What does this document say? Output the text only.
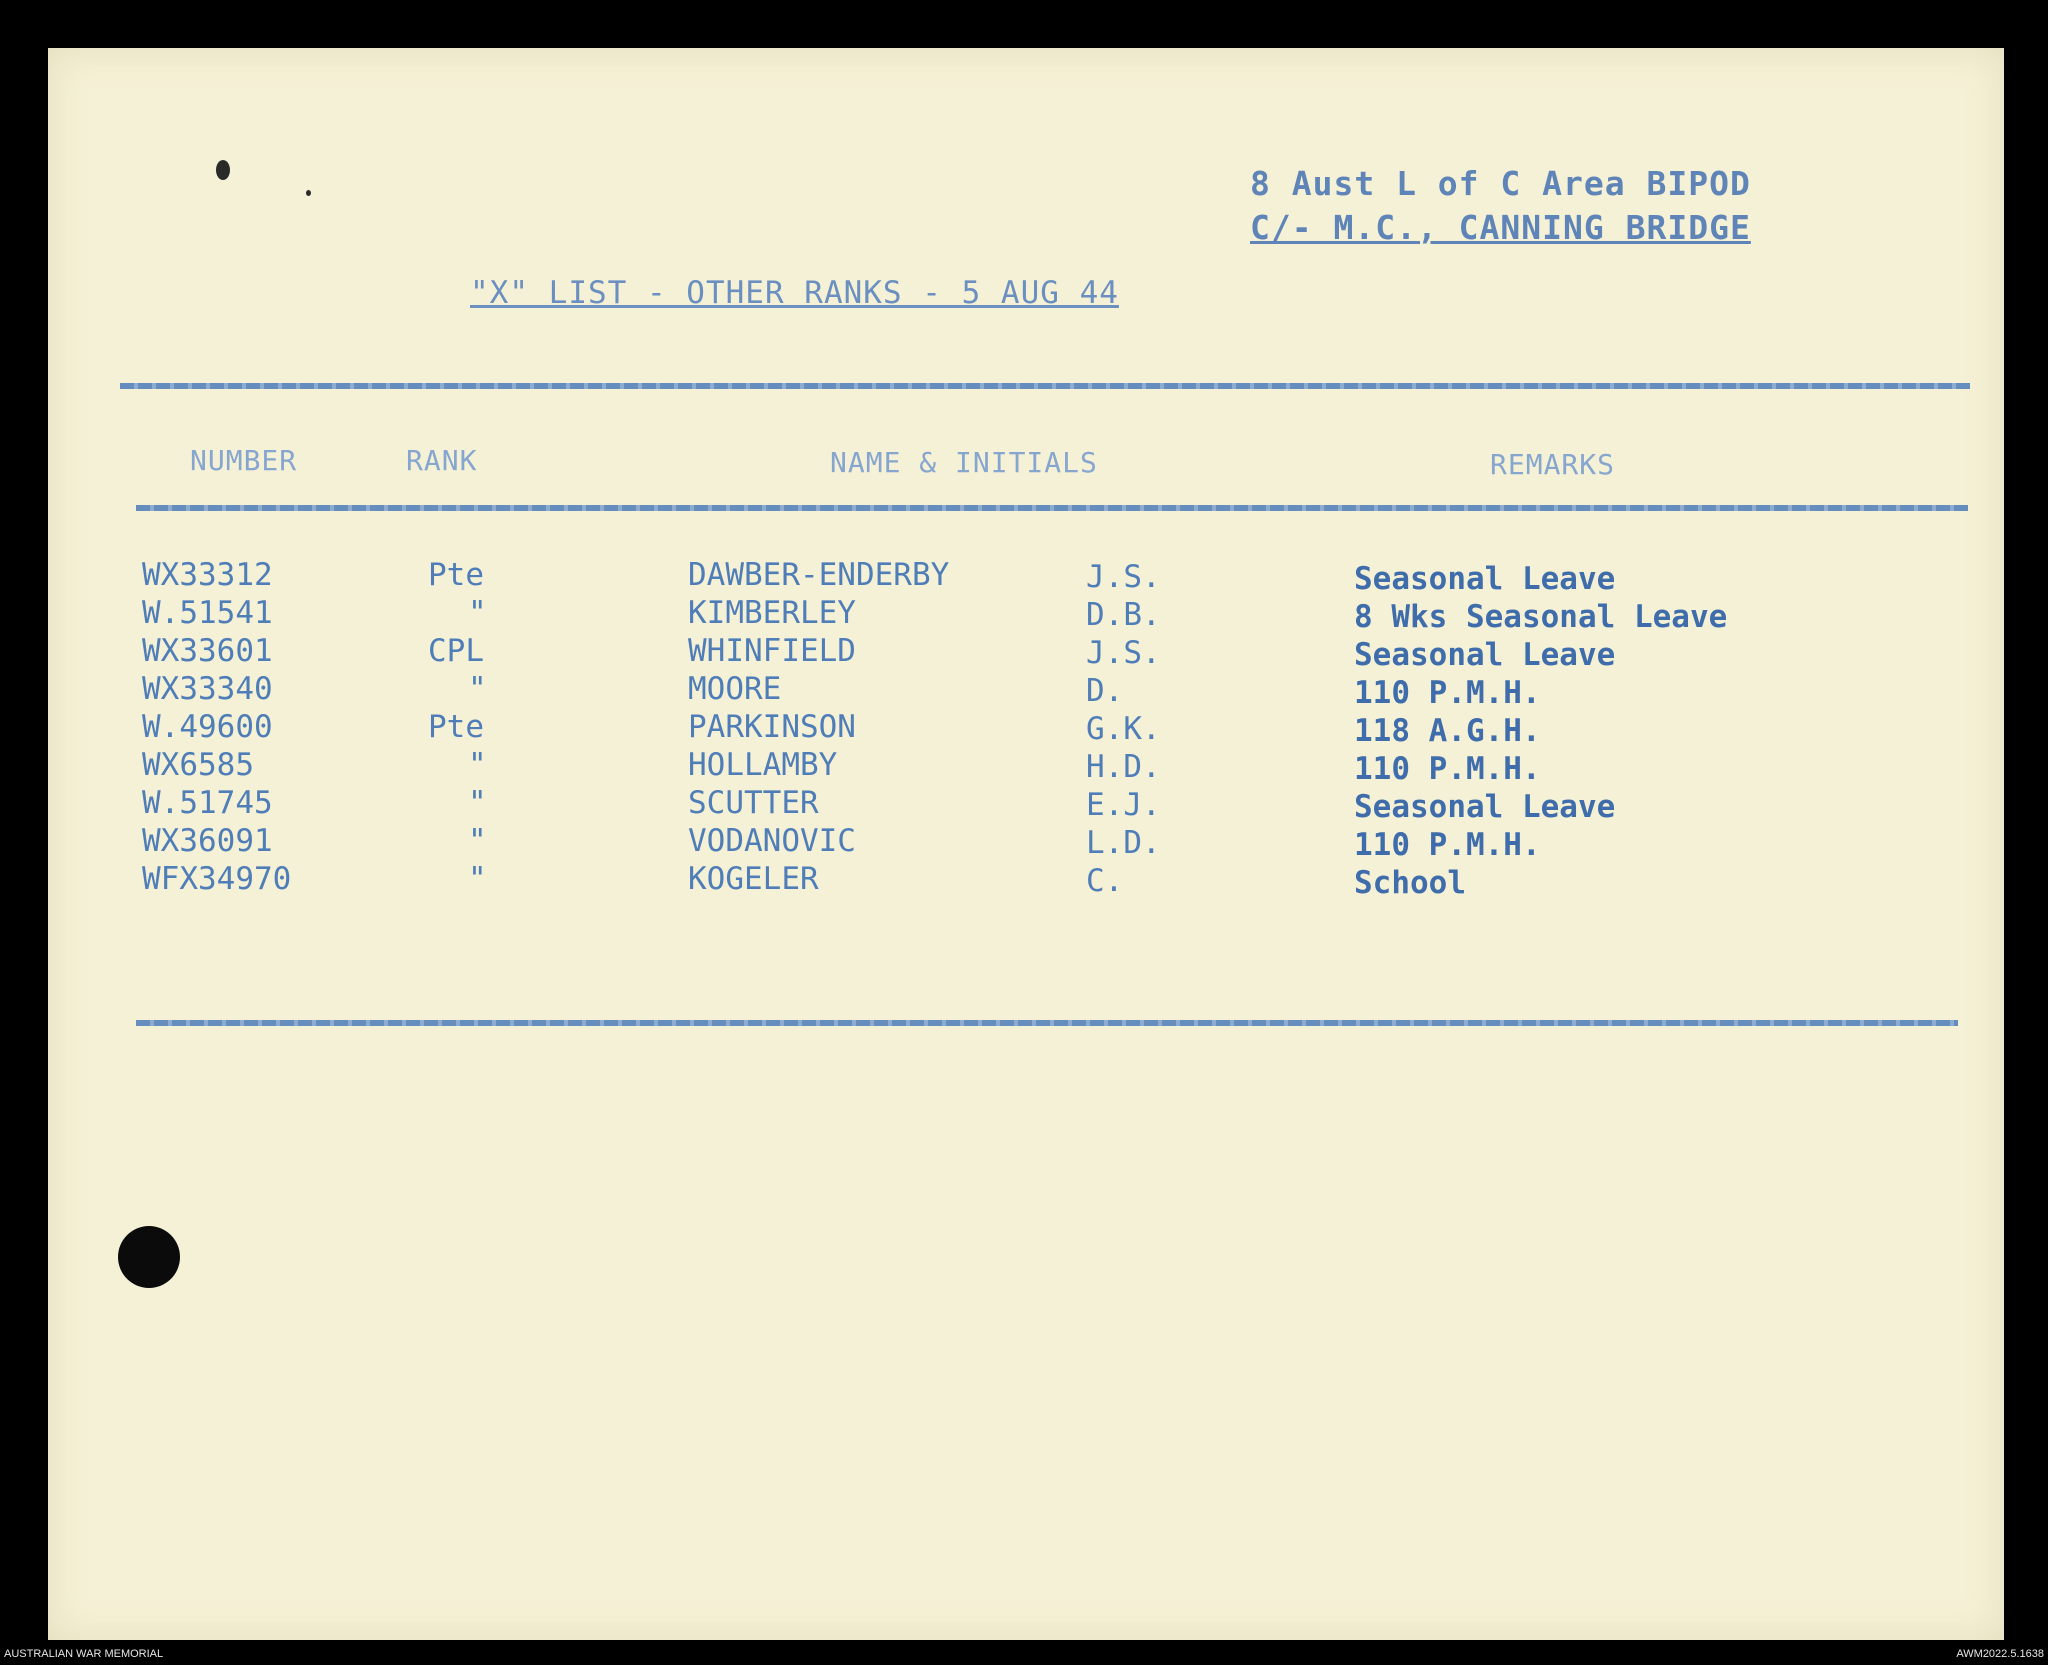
8 Aust L of C Area BIPOD
C/- M.C., CANNING BRIDGE
"X" LIST - OTHER RANKS - 5 AUG 44
NUMBER	RANK	NAME & INITIALS	REMARKS
WX33312	Pte	DAWBER-ENDERBY	J.S.	Seasonal Leave
W.51541	"	KIMBERLEY	D.B.	8 Wks Seasonal Leave
WX33601	CPL	WHINFIELD	J.S.	Seasonal Leave
WX33340	"	MOORE	D.	110 P.M.H.
W.49600	Pte	PARKINSON	G.K.	118 A.G.H.
WX6585	"	HOLLAMBY	H.D.	110 P.M.H.
W.51745	"	SCUTTER	E.J.	Seasonal Leave
WX36091	"	VODANOVIC	L.D.	110 P.M.H.
WFX34970	"	KOGELER	C.	School
AUSTRALIAN WAR MEMORIAL	AWM2022.5.1638
